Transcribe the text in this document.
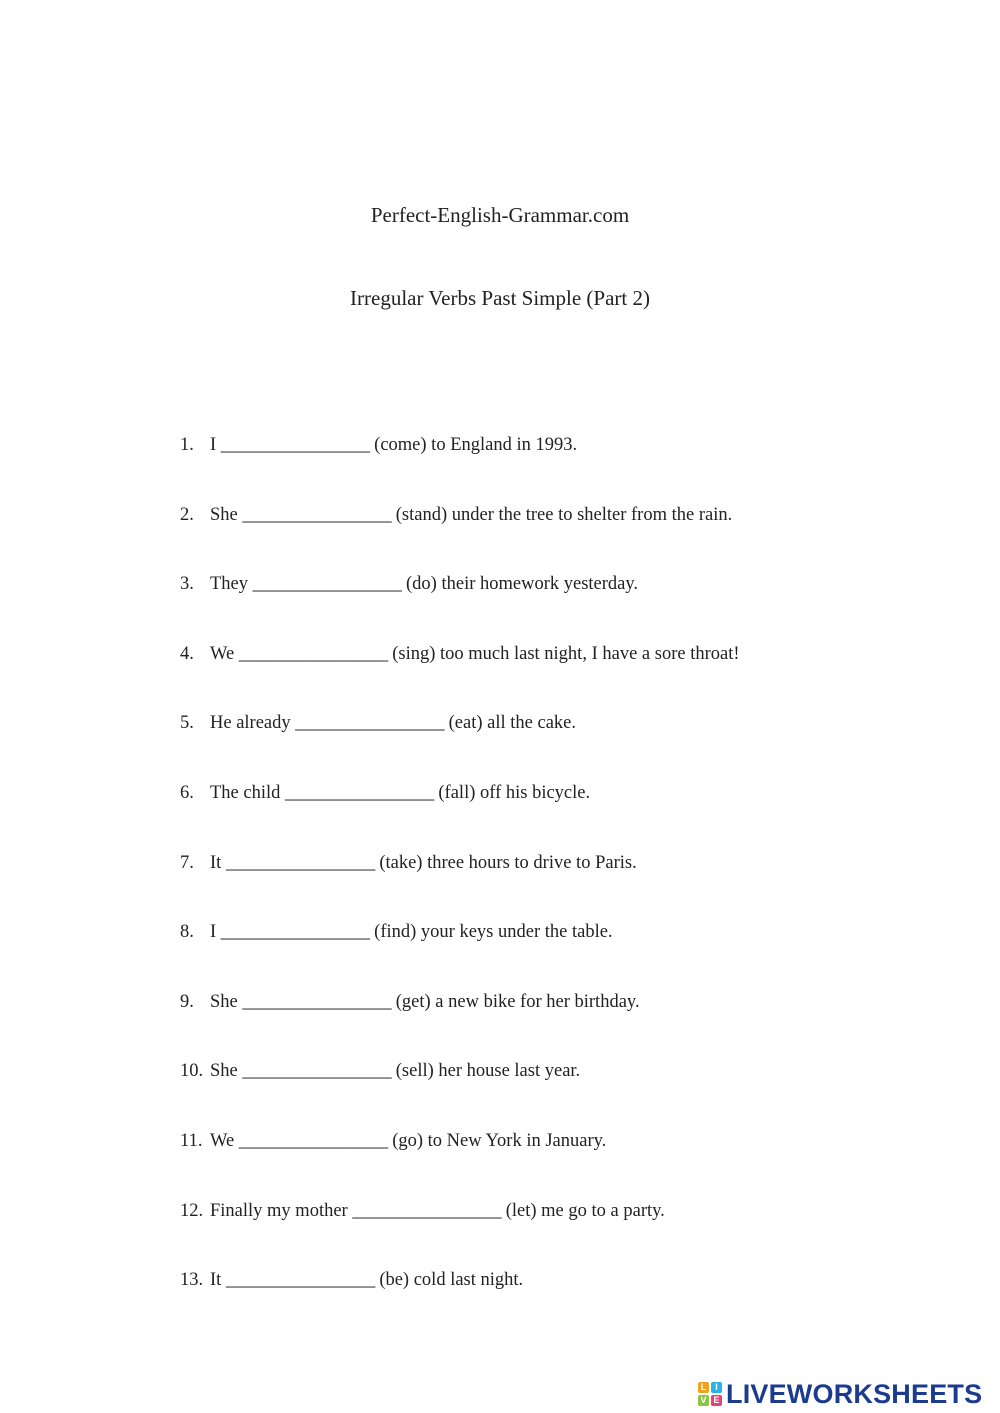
Perfect-English-Grammar.com
Irregular Verbs Past Simple (Part 2)
1. I _________________ (come) to England in 1993.
2. She _________________ (stand) under the tree to shelter from the rain.
3. They _________________ (do) their homework yesterday.
4. We _________________ (sing) too much last night, I have a sore throat!
5. He already _________________ (eat) all the cake.
6. The child _________________ (fall) off his bicycle.
7. It _________________ (take) three hours to drive to Paris.
8. I _________________ (find) your keys under the table.
9. She _________________ (get) a new bike for her birthday.
10. She _________________ (sell) her house last year.
11. We _________________ (go) to New York in January.
12. Finally my mother _________________ (let) me go to a party.
13. It _________________ (be) cold last night.
L I
V E LIVEWORKSHEETS
